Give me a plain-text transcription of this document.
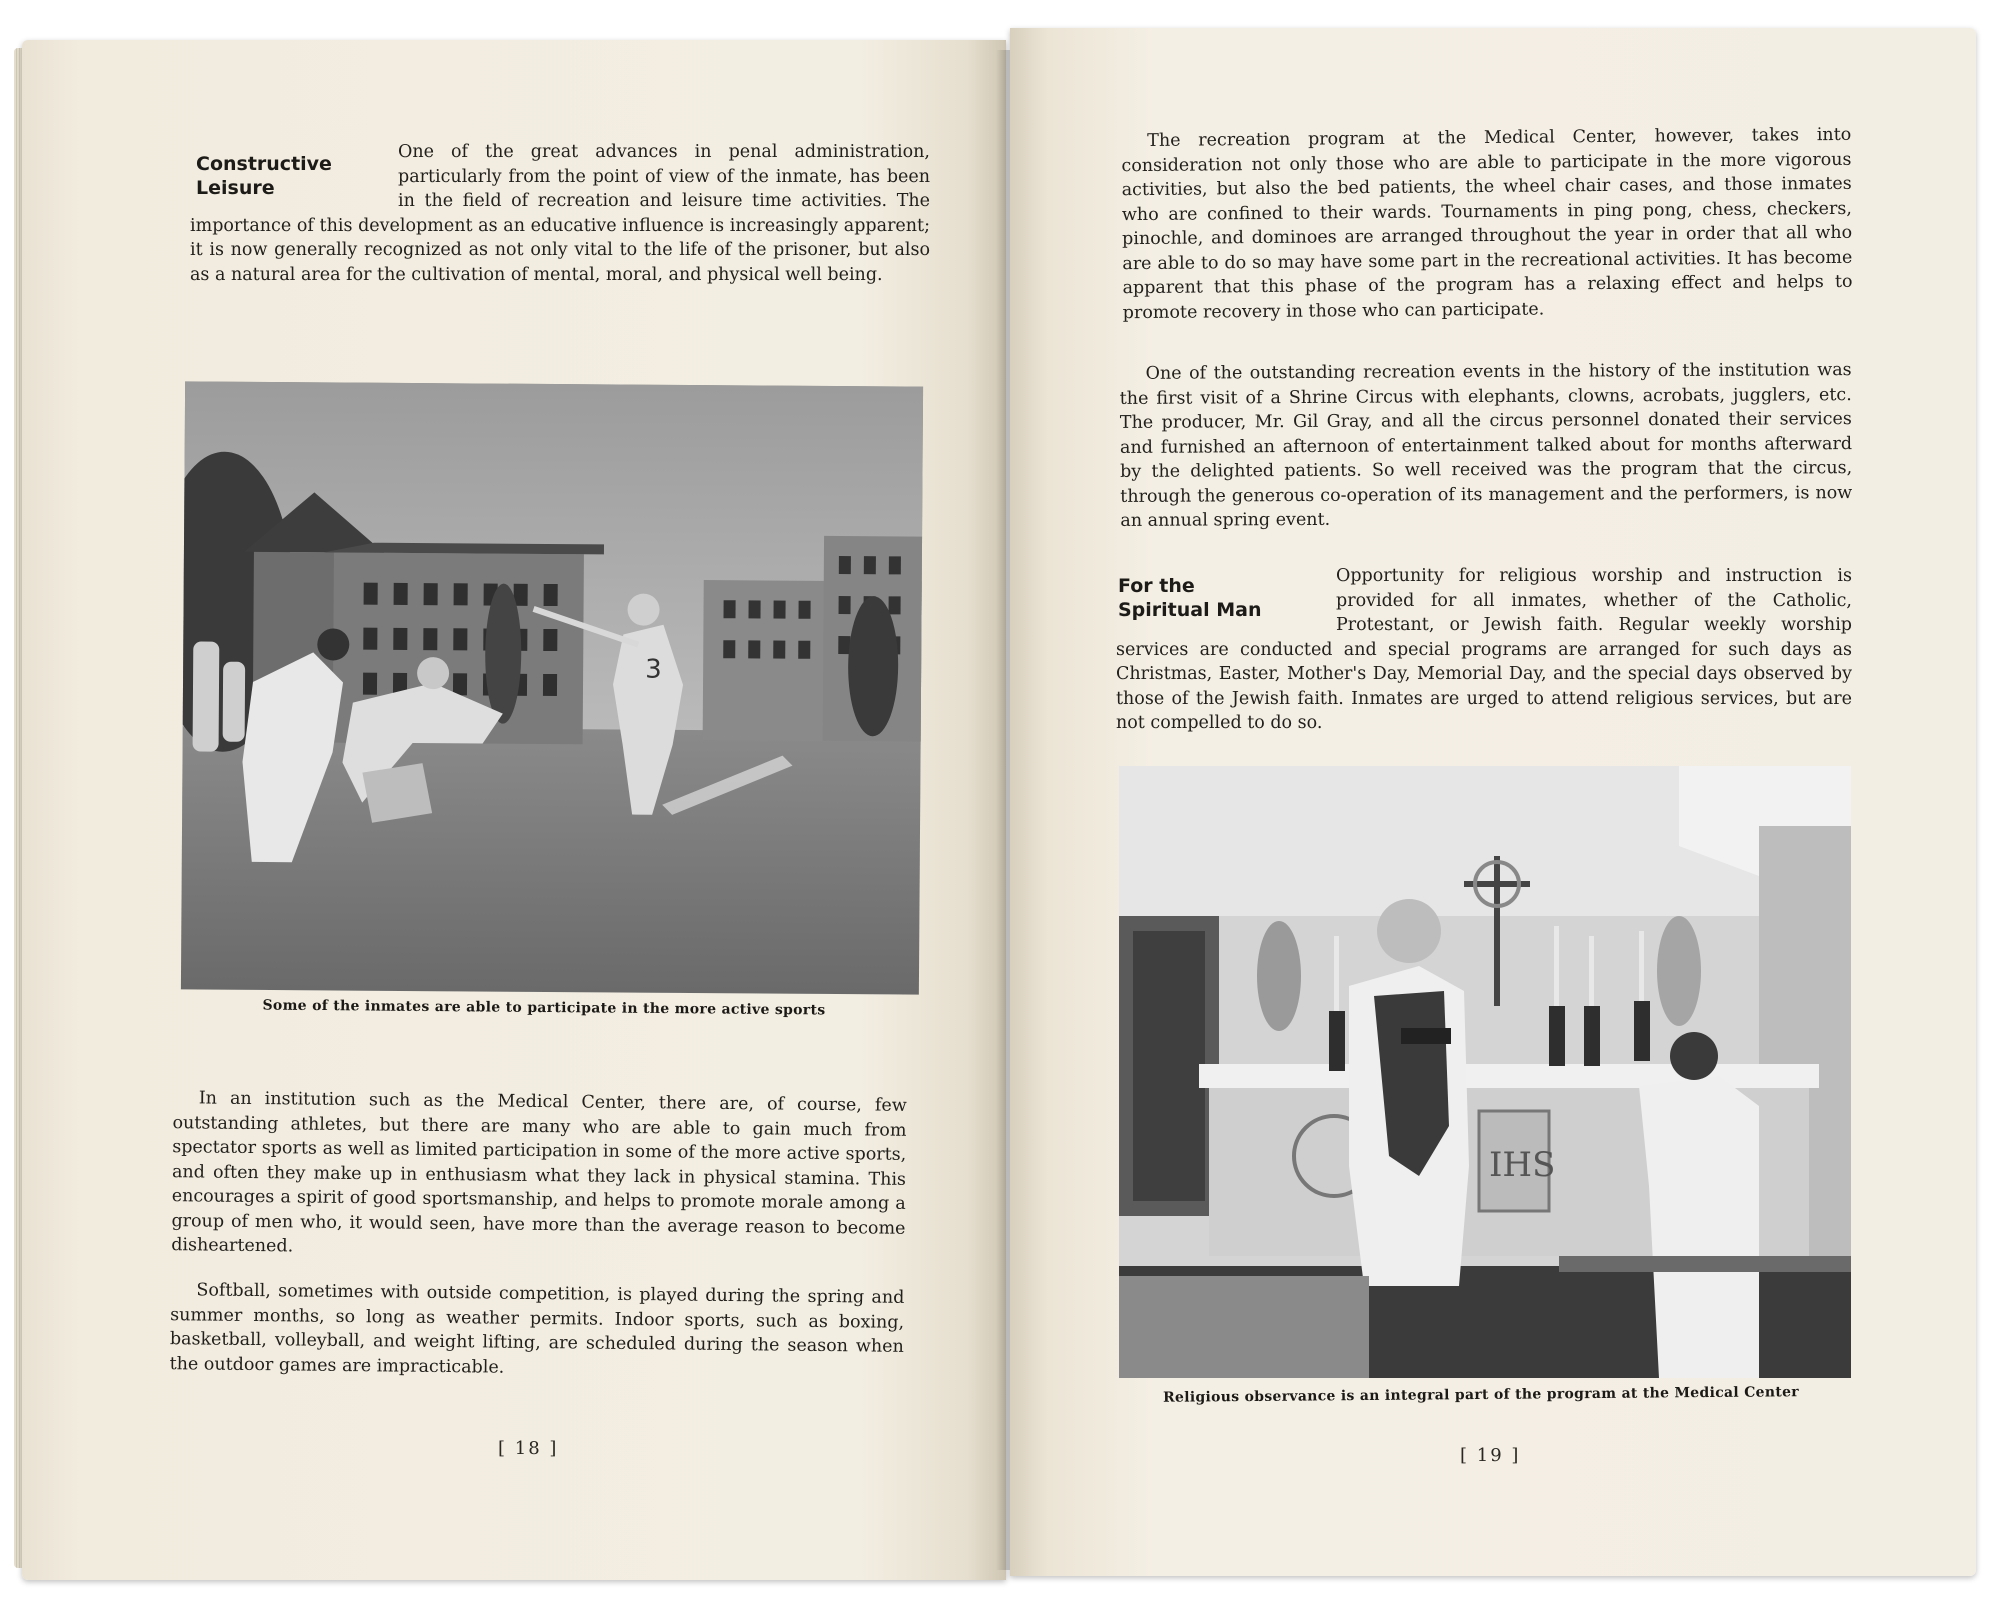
Constructive Leisure
One of the great advances in penal administration, particularly from the point of view of the inmate, has been in the field of recreation and leisure time activities. The importance of this development as an educative influence is increasingly apparent; it is now generally recognized as not only vital to the life of the prisoner, but also as a natural area for the cultivation of mental, moral, and physical well being.
3
Some of the inmates are able to participate in the more active sports
In an institution such as the Medical Center, there are, of course, few outstanding athletes, but there are many who are able to gain much from spectator sports as well as limited participation in some of the more active sports, and often they make up in enthusiasm what they lack in physical stamina. This encourages a spirit of good sportsmanship, and helps to promote morale among a group of men who, it would seen, have more than the average reason to become disheartened.
Softball, sometimes with outside competition, is played during the spring and summer months, so long as weather permits. Indoor sports, such as boxing, basketball, volleyball, and weight lifting, are scheduled during the season when the outdoor games are impracticable.
[ 18 ]
The recreation program at the Medical Center, however, takes into consideration not only those who are able to participate in the more vigorous activities, but also the bed patients, the wheel chair cases, and those inmates who are confined to their wards. Tournaments in ping pong, chess, checkers, pinochle, and dominoes are arranged throughout the year in order that all who are able to do so may have some part in the recreational activities. It has become apparent that this phase of the program has a relaxing effect and helps to promote recovery in those who can participate.
One of the outstanding recreation events in the history of the institution was the first visit of a Shrine Circus with elephants, clowns, acrobats, jugglers, etc. The producer, Mr. Gil Gray, and all the circus personnel donated their services and furnished an afternoon of entertainment talked about for months afterward by the delighted patients. So well received was the program that the circus, through the generous co-operation of its management and the performers, is now an annual spring event.
For the Spiritual Man
Opportunity for religious worship and instruction is provided for all inmates, whether of the Catholic, Protestant, or Jewish faith. Regular weekly worship services are conducted and special programs are arranged for such days as Christmas, Easter, Mother's Day, Memorial Day, and the special days observed by those of the Jewish faith. Inmates are urged to attend religious services, but are not compelled to do so.
IHS
Religious observance is an integral part of the program at the Medical Center
[ 19 ]
